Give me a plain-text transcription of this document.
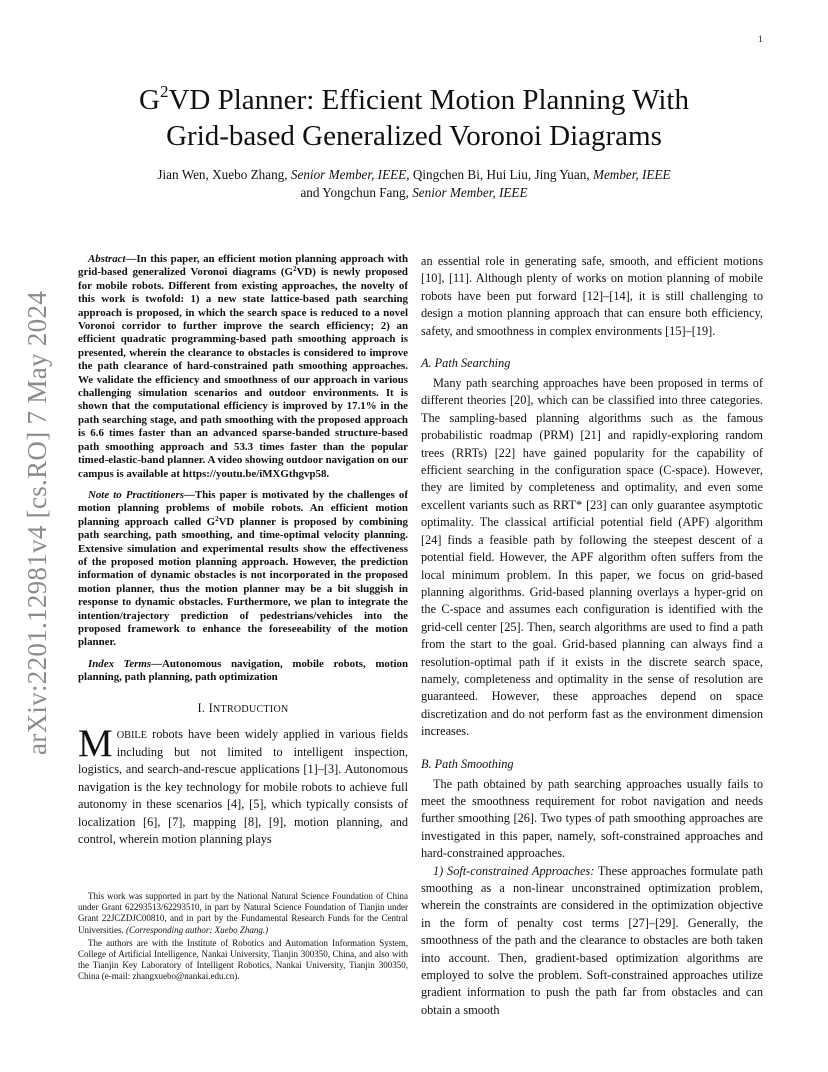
1
arXiv:2201.12981v4 [cs.RO] 7 May 2024
$G^2VD$ Planner: Efficient Motion Planning With
Grid-based Generalized Voronoi Diagrams
Jian Wen, Xuebo Zhang, Senior Member, IEEE, Qingchen Bi, Hui Liu, Jing Yuan, Member, IEEE
and Yongchun Fang, Senior Member, IEEE

Abstract—In this paper, an efficient motion planning approach with grid-based generalized Voronoi diagrams $(G^2VD)$ is newly proposed for mobile robots. Different from existing approaches, the novelty of this work is twofold: 1) a new state lattice-based path searching approach is proposed, in which the search space is reduced to a novel Voronoi corridor to further improve the search efficiency; 2) an efficient quadratic programming-based path smoothing approach is presented, wherein the clearance to obstacles is considered to improve the path clearance of hard-constrained path smoothing approaches. We validate the efficiency and smoothness of our approach in various challenging simulation scenarios and outdoor environments. It is shown that the computational efficiency is improved by 17.1% in the path searching stage, and path smoothing with the proposed approach is 6.6 times faster than an advanced sparse-banded structure-based path smoothing approach and 53.3 times faster than the popular timed-elastic-band planner. A video showing outdoor navigation on our campus is available at https://youtu.be/iMXGthgvp58.

Note to Practitioners—This paper is motivated by the challenges of motion planning problems of mobile robots. An efficient motion planning approach called $G^2VD$ planner is proposed by combining path searching, path smoothing, and time-optimal velocity planning. Extensive simulation and experimental results show the effectiveness of the proposed motion planning approach. However, the prediction information of dynamic obstacles is not incorporated in the proposed motion planner, thus the motion planner may be a bit sluggish in response to dynamic obstacles. Furthermore, we plan to integrate the intention/trajectory prediction of pedestrians/vehicles into the proposed framework to enhance the foreseeability of the motion planner.

Index Terms—Autonomous navigation, mobile robots, motion planning, path planning, path optimization

I. INTRODUCTION

MOBILE robots have been widely applied in various fields including but not limited to intelligent inspection, logistics, and search-and-rescue applications [1]–[3]. Autonomous navigation is the key technology for mobile robots to achieve full autonomy in these scenarios [4], [5], which typically consists of localization [6], [7], mapping [8], [9], motion planning, and control, wherein motion planning plays

This work was supported in part by the National Natural Science Foundation of China under Grant 62293513/62293510, in part by Natural Science Foundation of Tianjin under Grant 22JCZDJC00810, and in part by the Fundamental Research Funds for the Central Universities. (Corresponding author: Xuebo Zhang.)

The authors are with the Institute of Robotics and Automation Information System, College of Artificial Intelligence, Nankai University, Tianjin 300350, China, and also with the Tianjin Key Laboratory of Intelligent Robotics, Nankai University, Tianjin 300350, China (e-mail: zhangxuebo@nankai.edu.cn).

an essential role in generating safe, smooth, and efficient motions [10], [11]. Although plenty of works on motion planning of mobile robots have been put forward [12]–[14], it is still challenging to design a motion planning approach that can ensure both efficiency, safety, and smoothness in complex environments [15]–[19].

A. Path Searching

Many path searching approaches have been proposed in terms of different theories [20], which can be classified into three categories. The sampling-based planning algorithms such as the famous probabilistic roadmap (PRM) [21] and rapidly-exploring random trees (RRTs) [22] have gained popularity for the capability of efficient searching in the configuration space (C-space). However, they are limited by completeness and optimality, and even some excellent variants such as RRT* [23] can only guarantee asymptotic optimality. The classical artificial potential field (APF) algorithm [24] finds a feasible path by following the steepest descent of a potential field. However, the APF algorithm often suffers from the local minimum problem. In this paper, we focus on grid-based planning algorithms. Grid-based planning overlays a hyper-grid on the C-space and assumes each configuration is identified with the grid-cell center [25]. Then, search algorithms are used to find a path from the start to the goal. Grid-based planning can always find a resolution-optimal path if it exists in the discrete search space, namely, completeness and optimality in the sense of resolution are guaranteed. However, these approaches depend on space discretization and do not perform fast as the environment dimension increases.

B. Path Smoothing

The path obtained by path searching approaches usually fails to meet the smoothness requirement for robot navigation and needs further smoothing [26]. Two types of path smoothing approaches are investigated in this paper, namely, soft-constrained approaches and hard-constrained approaches.

1) Soft-constrained Approaches: These approaches formulate path smoothing as a non-linear unconstrained optimization problem, wherein the constraints are considered in the optimization objective in the form of penalty cost terms [27]–[29]. Generally, the smoothness of the path and the clearance to obstacles are both taken into account. Then, gradient-based optimization algorithms are employed to solve the problem. Soft-constrained approaches utilize gradient information to push the path far from obstacles and can obtain a smooth
